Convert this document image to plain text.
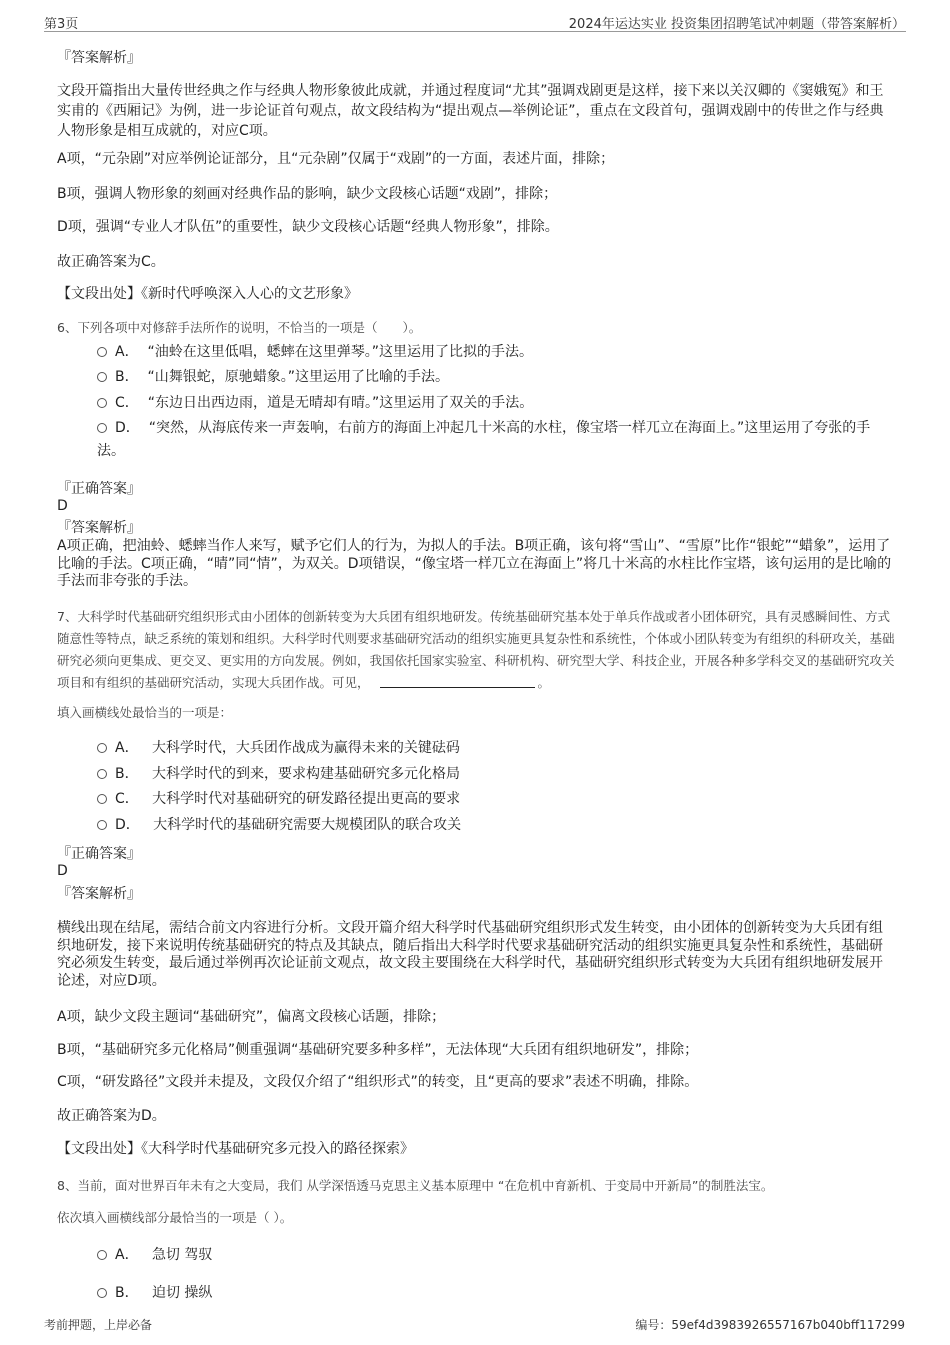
第3页	2024年运达实业 投资集团招聘笔试冲刺题（带答案解析）
『答案解析』
文段开篇指出大量传世经典之作与经典人物形象彼此成就，并通过程度词“尤其”强调戏剧更是这样，接下来以关汉卿的《窦娥冤》和王实甫的《西厢记》为例，进一步论证首句观点，故文段结构为“提出观点—举例论证”，重点在文段首句，强调戏剧中的传世之作与经典人物形象是相互成就的，对应C项。
A项，“元杂剧”对应举例论证部分，且“元杂剧”仅属于“戏剧”的一方面，表述片面，排除；
B项，强调人物形象的刻画对经典作品的影响，缺少文段核心话题“戏剧”，排除；
D项，强调“专业人才队伍”的重要性，缺少文段核心话题“经典人物形象”，排除。
故正确答案为C。
【文段出处】《新时代呼唤深入人心的文艺形象》
6、下列各项中对修辞手法所作的说明，不恰当的一项是（　　）。
A． “油蛉在这里低唱，蟋蟀在这里弹琴。”这里运用了比拟的手法。
B． “山舞银蛇，原驰蜡象。”这里运用了比喻的手法。
C． “东边日出西边雨，道是无晴却有晴。”这里运用了双关的手法。
D． “突然，从海底传来一声轰响，右前方的海面上冲起几十米高的水柱，像宝塔一样兀立在海面上。”这里运用了夸张的手法。
『正确答案』
D
『答案解析』
A项正确，把油蛉、蟋蟀当作人来写，赋予它们人的行为，为拟人的手法。B项正确，该句将“雪山”、“雪原”比作“银蛇”“蜡象”，运用了比喻的手法。C项正确，“晴”同“情”，为双关。D项错误，“像宝塔一样兀立在海面上”将几十米高的水柱比作宝塔，该句运用的是比喻的手法而非夸张的手法。
7、大科学时代基础研究组织形式由小团体的创新转变为大兵团有组织地研发。传统基础研究基本处于单兵作战或者小团体研究，具有灵感瞬间性、方式随意性等特点，缺乏系统的策划和组织。大科学时代则要求基础研究活动的组织实施更具复杂性和系统性，个体或小团队转变为有组织的科研攻关，基础研究必须向更集成、更交叉、更实用的方向发展。例如，我国依托国家实验室、科研机构、研究型大学、科技企业，开展各种多学科交叉的基础研究攻关项目和有组织的基础研究活动，实现大兵团作战。可见，	。
填入画横线处最恰当的一项是：
A． 大科学时代，大兵团作战成为赢得未来的关键砝码
B． 大科学时代的到来，要求构建基础研究多元化格局
C． 大科学时代对基础研究的研发路径提出更高的要求
D． 大科学时代的基础研究需要大规模团队的联合攻关
『正确答案』
D
『答案解析』
横线出现在结尾，需结合前文内容进行分析。文段开篇介绍大科学时代基础研究组织形式发生转变，由小团体的创新转变为大兵团有组织地研发，接下来说明传统基础研究的特点及其缺点，随后指出大科学时代要求基础研究活动的组织实施更具复杂性和系统性，基础研究必须发生转变，最后通过举例再次论证前文观点，故文段主要围绕在大科学时代，基础研究组织形式转变为大兵团有组织地研发展开论述，对应D项。
A项，缺少文段主题词“基础研究”，偏离文段核心话题，排除；
B项，“基础研究多元化格局”侧重强调“基础研究要多种多样”，无法体现“大兵团有组织地研发”，排除；
C项，“研发路径”文段并未提及，文段仅介绍了“组织形式”的转变，且“更高的要求”表述不明确，排除。
故正确答案为D。
【文段出处】《大科学时代基础研究多元投入的路径探索》
8、当前，面对世界百年未有之大变局，我们 从学深悟透马克思主义基本原理中 “在危机中育新机、于变局中开新局”的制胜法宝。
依次填入画横线部分最恰当的一项是（ ）。
A． 急切 驾驭
B． 迫切 操纵
考前押题，上岸必备	编号：59ef4d3983926557167b040bff117299
